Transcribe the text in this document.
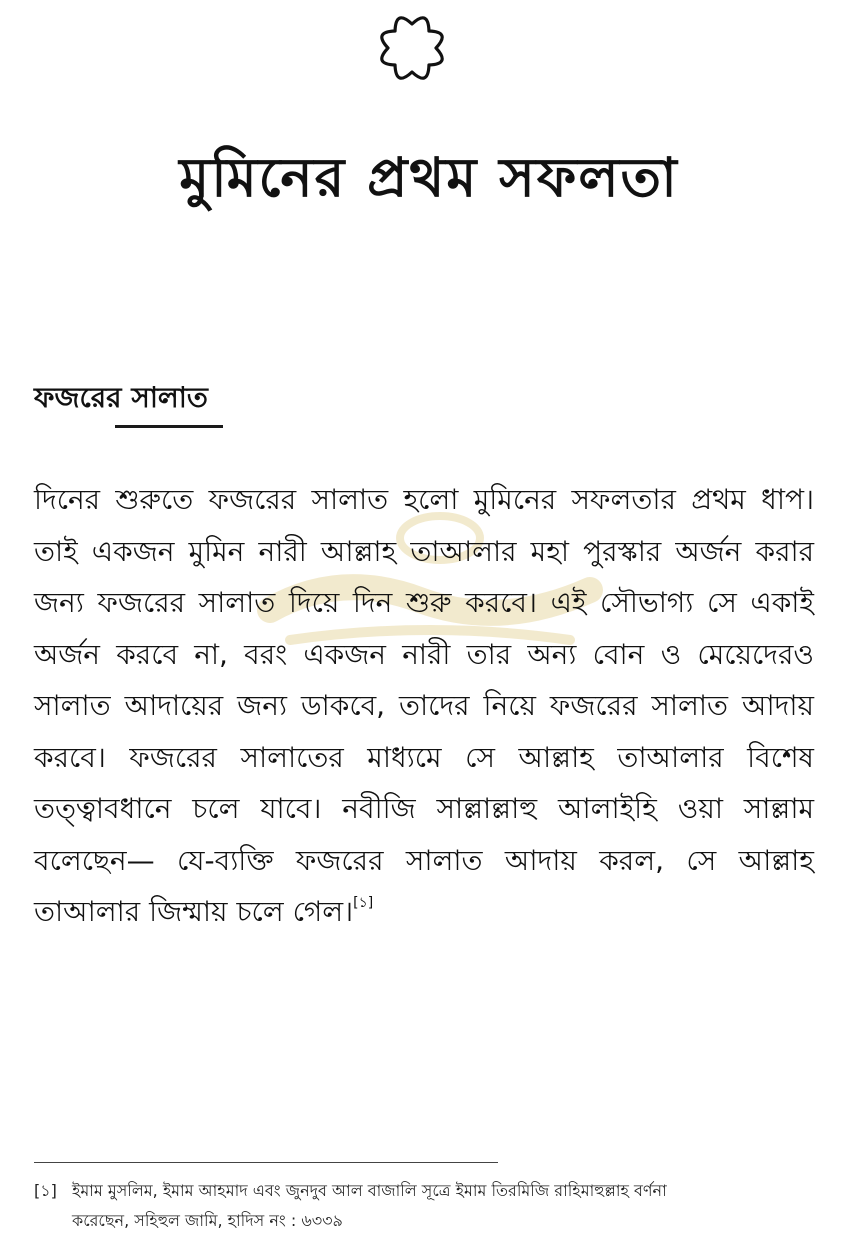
মুমিনের প্রথম সফলতা
ফজরের সালাত

দিনের শুরুতে ফজরের সালাত হলো মুমিনের সফলতার প্রথম ধাপ। তাই একজন মুমিন নারী আল্লাহ তাআলার মহা পুরস্কার অর্জন করার জন্য ফজরের সালাত দিয়ে দিন শুরু করবে। এই সৌভাগ্য সে একাই অর্জন করবে না, বরং একজন নারী তার অন্য বোন ও মেয়েদেরও সালাত আদায়ের জন্য ডাকবে, তাদের নিয়ে ফজরের সালাত আদায় করবে। ফজরের সালাতের মাধ্যমে সে আল্লাহ তাআলার বিশেষ তত্ত্বাবধানে চলে যাবে। নবীজি সাল্লাল্লাহু আলাইহি ওয়া সাল্লাম বলেছেন— যে-ব্যক্তি ফজরের সালাত আদায় করল, সে আল্লাহ তাআলার জিম্মায় চলে গেল।[১]

[১] ইমাম মুসলিম, ইমাম আহমাদ এবং জুনদুব আল বাজালি সূত্রে ইমাম তিরমিজি রাহিমাহুল্লাহ বর্ণনা
করেছেন, সহিহুল জামি, হাদিস নং : ৬৩৩৯
